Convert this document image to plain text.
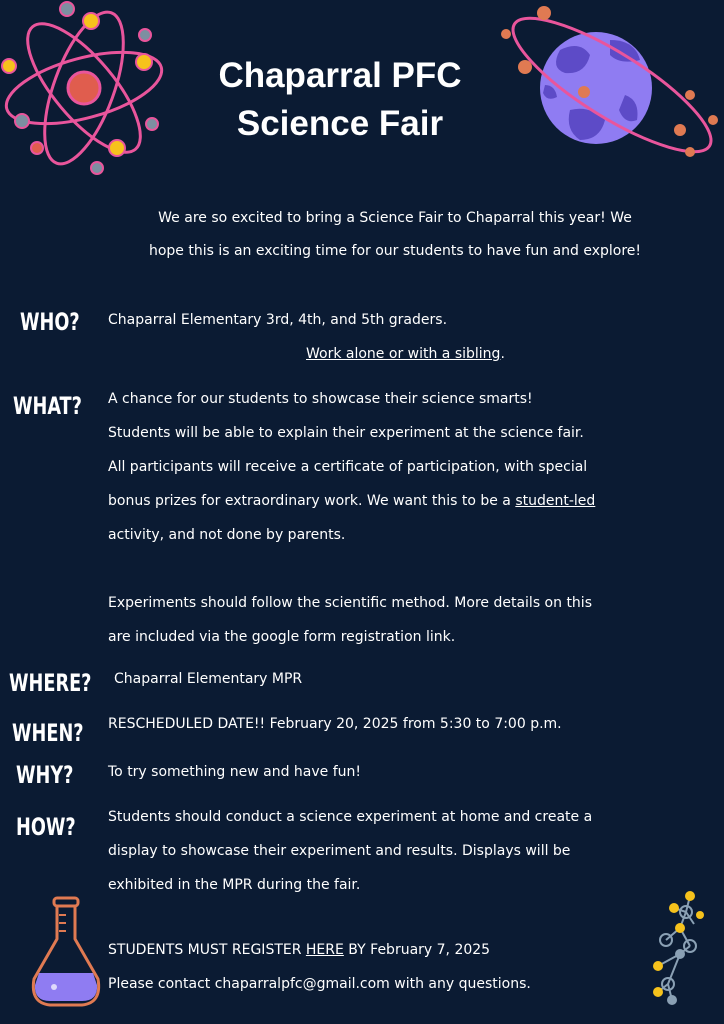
Chaparral PFC
Science Fair
We are so excited to bring a Science Fair to Chaparral this year! We
hope this is an exciting time for our students to have fun and explore!
WHO? Chaparral Elementary 3rd, 4th, and 5th graders.

Work alone or with a sibling.

WHAT? A chance for our students to showcase their science smarts!

Students will be able to explain their experiment at the science fair.

All participants will receive a certificate of participation, with special

bonus prizes for extraordinary work. We want this to be a student-led

activity, and not done by parents.

Experiments should follow the scientific method. More details on this

are included via the google form registration link.

WHERE? Chaparral Elementary MPR
WHEN? RESCHEDULED DATE!! February 20, 2025 from 5:30 to 7:00 p.m.
WHY? To try something new and have fun!
HOW? Students should conduct a science experiment at home and create a

display to showcase their experiment and results. Displays will be

exhibited in the MPR during the fair.

STUDENTS MUST REGISTER HERE BY February 7, 2025

Please contact chaparralpfc@gmail.com with any questions.
